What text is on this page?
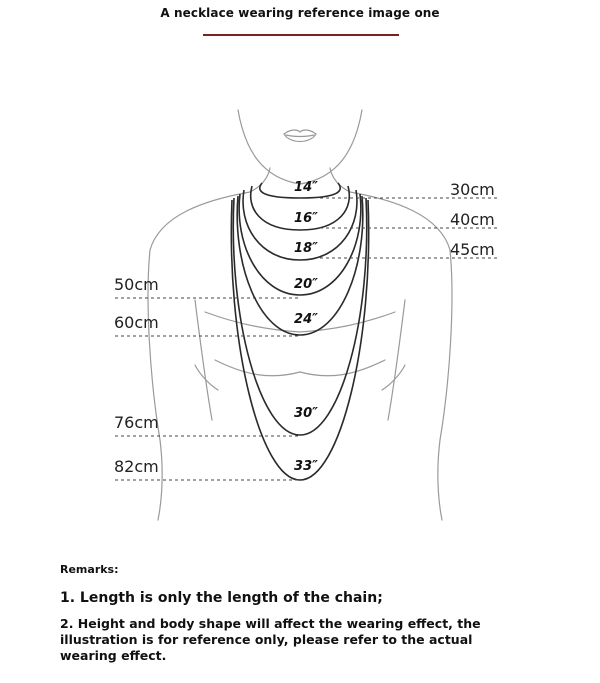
A necklace wearing reference image one
14″	30cm
16″	40cm
18″	45cm
20″
50cm
24″
60cm
30″
76cm
33″
82cm
Remarks:
1. Length is only the length of the chain;
2. Height and body shape will affect the wearing effect, the illustration is for reference only, please refer to the actual wearing effect.
